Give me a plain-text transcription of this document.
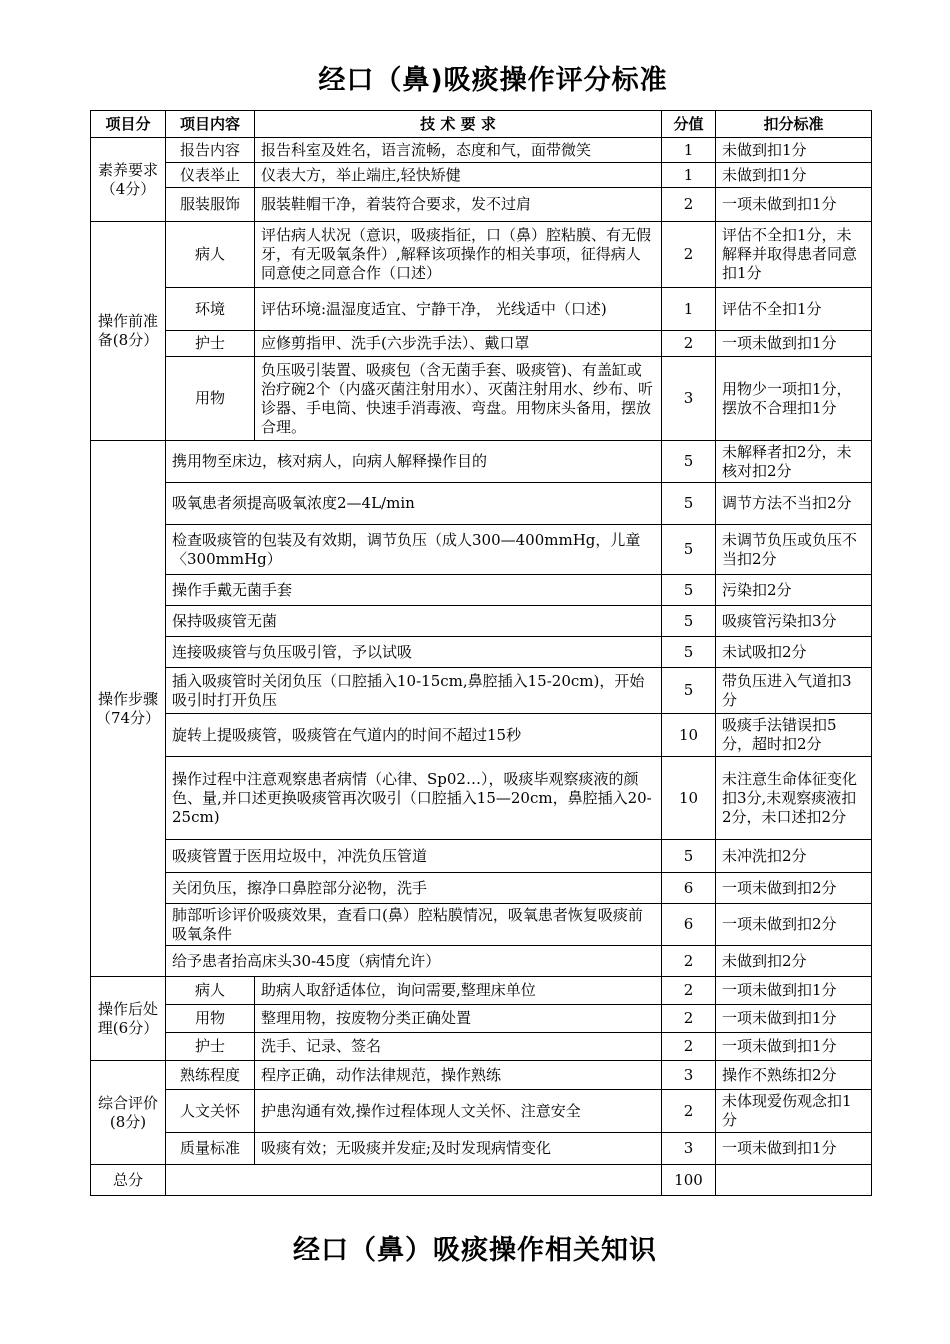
经口（鼻)吸痰操作评分标准
项目分	项目内容	技 术 要 求	分值	扣分标准
素养要求（4分）	报告内容	报告科室及姓名，语言流畅，态度和气，面带微笑	1	未做到扣1分
	仪表举止	仪表大方，举止端庄,轻快矫健	1	未做到扣1分
	服装服饰	服装鞋帽干净，着装符合要求，发不过肩	2	一项未做到扣1分
操作前准备(8分）	病人	评估病人状况（意识，吸痰指征，口（鼻）腔粘膜、有无假牙，有无吸氧条件）,解释该项操作的相关事项，征得病人同意使之同意合作（口述）	2	评估不全扣1分，未解释并取得患者同意扣1分
	环境	评估环境:温湿度适宜、宁静干净， 光线适中（口述)	1	评估不全扣1分
	护士	应修剪指甲、洗手(六步洗手法）、戴口罩	2	一项未做到扣1分
	用物	负压吸引装置、吸痰包（含无菌手套、吸痰管)、有盖缸或治疗碗2个（内盛灭菌注射用水）、灭菌注射用水、纱布、听诊器、手电筒、快速手消毒液、弯盘。用物床头备用，摆放合理。	3	用物少一项扣1分，摆放不合理扣1分
操作步骤（74分）	携用物至床边，核对病人，向病人解释操作目的		5	未解释者扣2分，未核对扣2分
	吸氧患者须提高吸氧浓度2—4L/min		5	调节方法不当扣2分
	检查吸痰管的包装及有效期，调节负压（成人300—400mmHg，儿童〈300mmHg）		5	未调节负压或负压不当扣2分
	操作手戴无菌手套		5	污染扣2分
	保持吸痰管无菌		5	吸痰管污染扣3分
	连接吸痰管与负压吸引管，予以试吸		5	未试吸扣2分
	插入吸痰管时关闭负压（口腔插入10-15cm,鼻腔插入15-20cm)，开始吸引时打开负压		5	带负压进入气道扣3分
	旋转上提吸痰管，吸痰管在气道内的时间不超过15秒		10	吸痰手法错误扣5分，超时扣2分
	操作过程中注意观察患者病情（心律、Sp02…），吸痰毕观察痰液的颜色、量,并口述更换吸痰管再次吸引（口腔插入15—20cm，鼻腔插入20-25cm)		10	未注意生命体征变化扣3分,未观察痰液扣2分，未口述扣2分
	吸痰管置于医用垃圾中，冲洗负压管道		5	未冲洗扣2分
	关闭负压，擦净口鼻腔部分泌物，洗手		6	一项未做到扣2分
	肺部听诊评价吸痰效果，查看口(鼻）腔粘膜情况，吸氧患者恢复吸痰前吸氧条件		6	一项未做到扣2分
	给予患者抬高床头30-45度（病情允许）		2	未做到扣2分
操作后处理(6分）	病人	助病人取舒适体位，询问需要,整理床单位	2	一项未做到扣1分
	用物	整理用物，按废物分类正确处置	2	一项未做到扣1分
	护士	洗手、记录、签名	2	一项未做到扣1分
综合评价(8分)	熟练程度	程序正确，动作法律规范，操作熟练	3	操作不熟练扣2分
	人文关怀	护患沟通有效,操作过程体现人文关怀、注意安全	2	未体现爱伤观念扣1分
	质量标准	吸痰有效；无吸痰并发症;及时发现病情变化	3	一项未做到扣1分
总分			100	
经口（鼻）吸痰操作相关知识
